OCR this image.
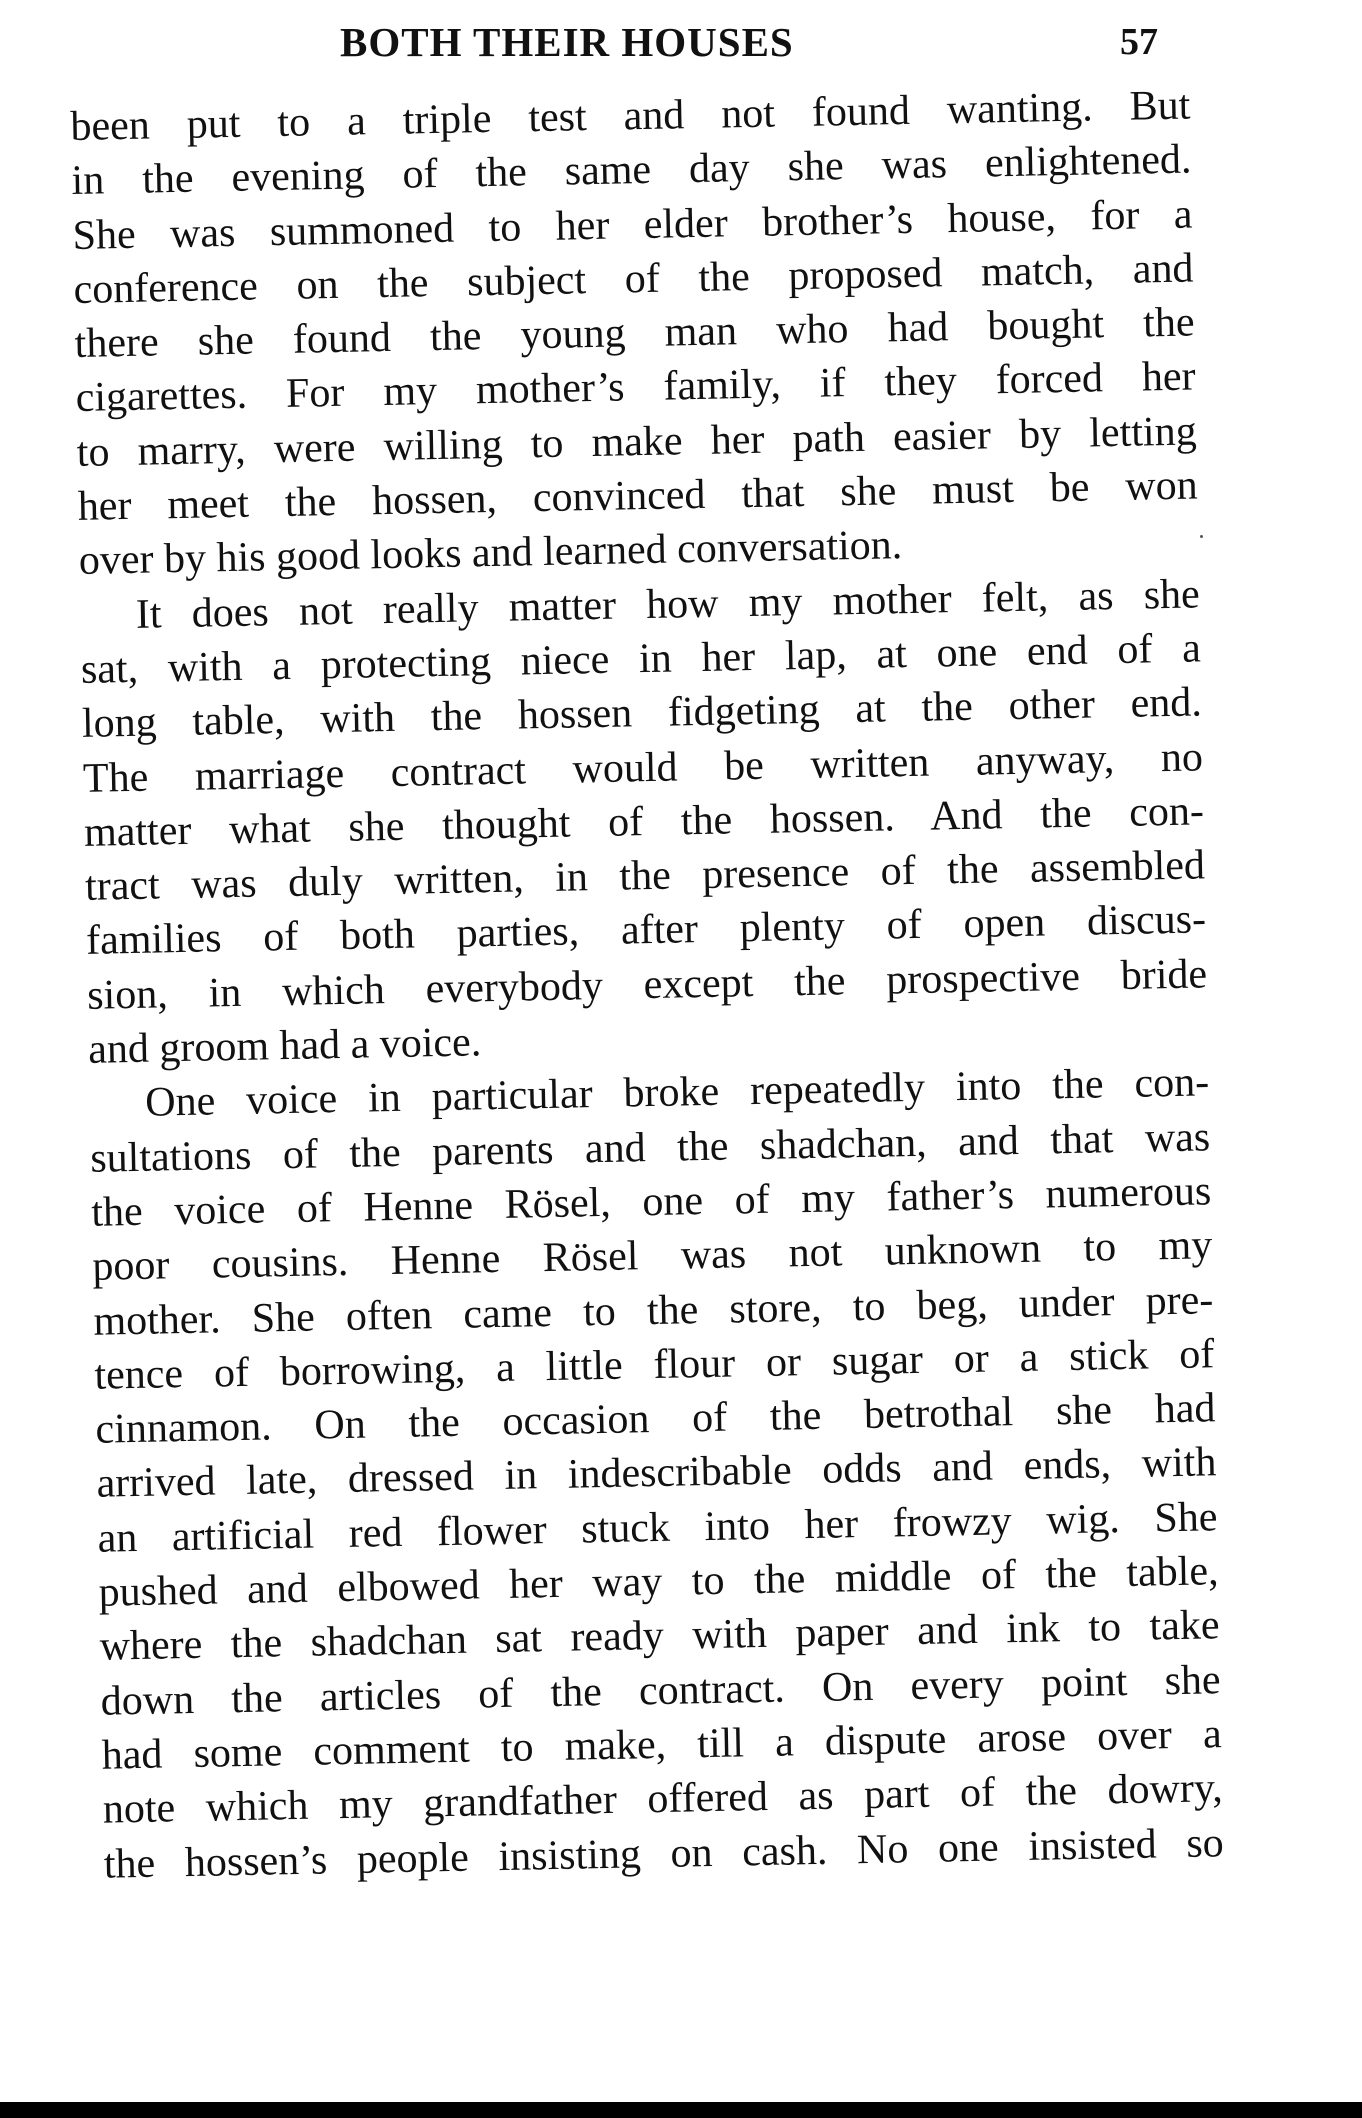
BOTH THEIR HOUSES	57
been put to a triple test and not found wanting. But
in the evening of the same day she was enlightened.
She was summoned to her elder brother’s house, for a
conference on the subject of the proposed match, and
there she found the young man who had bought the
cigarettes. For my mother’s family, if they forced her
to marry, were willing to make her path easier by letting
her meet the hossen, convinced that she must be won
over by his good looks and learned conversation.
It does not really matter how my mother felt, as she
sat, with a protecting niece in her lap, at one end of a
long table, with the hossen fidgeting at the other end.
The marriage contract would be written anyway, no
matter what she thought of the hossen. And the con-
tract was duly written, in the presence of the assembled
families of both parties, after plenty of open discus-
sion, in which everybody except the prospective bride
and groom had a voice.
One voice in particular broke repeatedly into the con-
sultations of the parents and the shadchan, and that was
the voice of Henne Rösel, one of my father’s numerous
poor cousins. Henne Rösel was not unknown to my
mother. She often came to the store, to beg, under pre-
tence of borrowing, a little flour or sugar or a stick of
cinnamon. On the occasion of the betrothal she had
arrived late, dressed in indescribable odds and ends, with
an artificial red flower stuck into her frowzy wig. She
pushed and elbowed her way to the middle of the table,
where the shadchan sat ready with paper and ink to take
down the articles of the contract. On every point she
had some comment to make, till a dispute arose over a
note which my grandfather offered as part of the dowry,
the hossen’s people insisting on cash. No one insisted so
